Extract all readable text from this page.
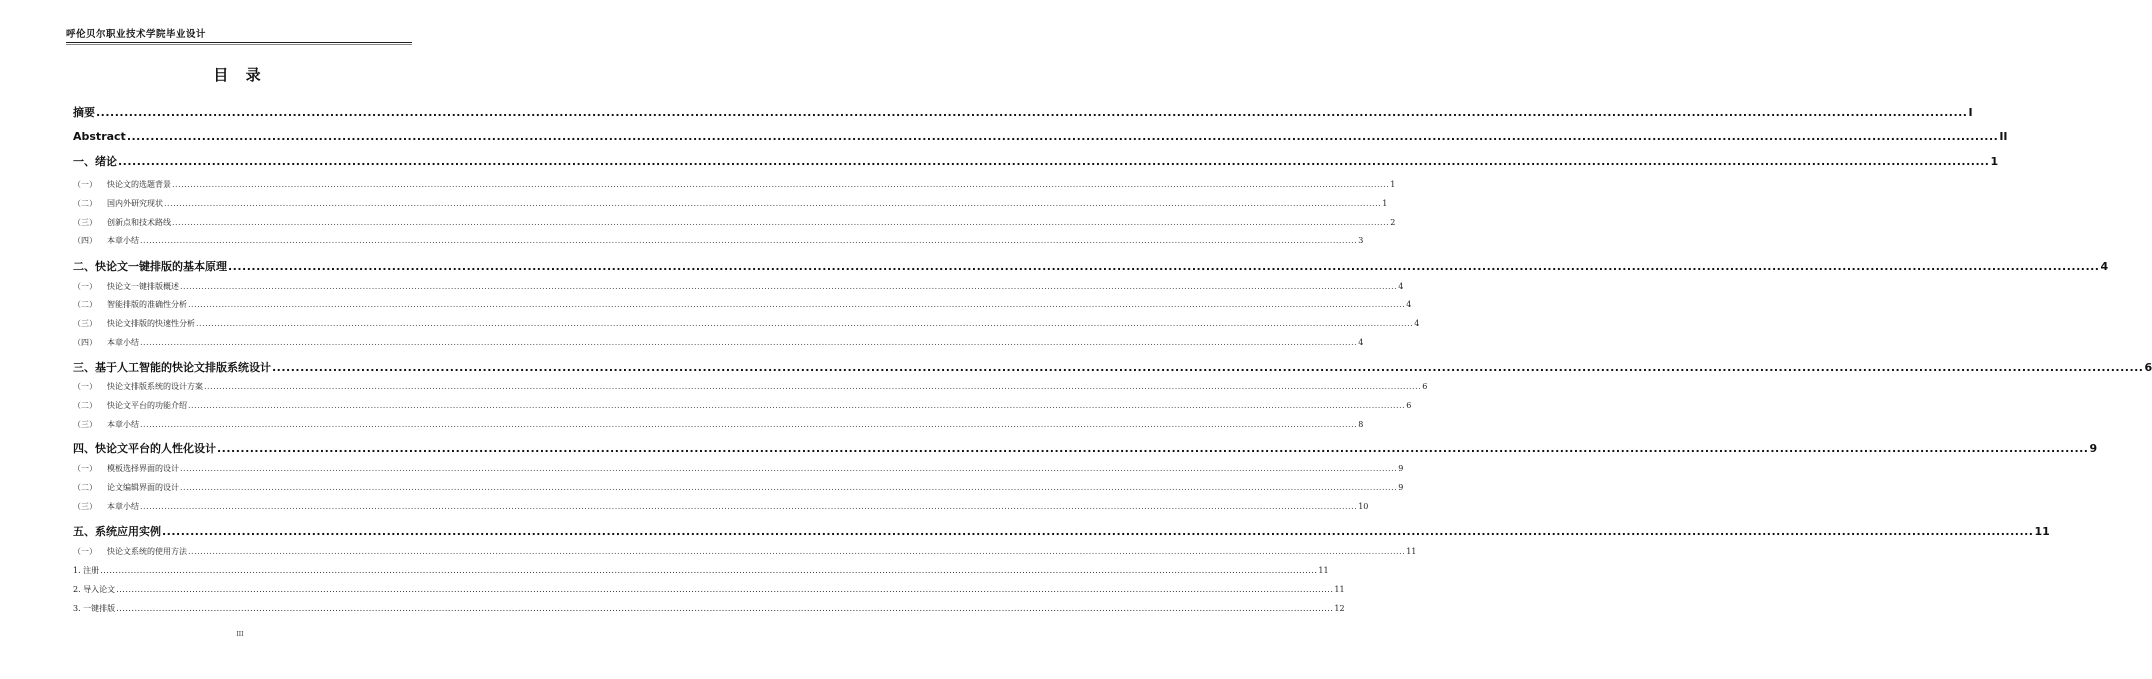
呼伦贝尔职业技术学院毕业设计
目 录
摘要 ................................................................................................................................................................................................................................................................................................................................................................................................................ I
Abstract ................................................................................................................................................................................................................................................................................................................................................................................................................ II
一、绪论 ................................................................................................................................................................................................................................................................................................................................................................................................................ 1
（一） 快论文的选题背景 ................................................................................................................................................................................................................................................................................................................................................................................................................ 1
（二） 国内外研究现状 ................................................................................................................................................................................................................................................................................................................................................................................................................ 1
（三） 创新点和技术路线 ................................................................................................................................................................................................................................................................................................................................................................................................................ 2
（四） 本章小结 ................................................................................................................................................................................................................................................................................................................................................................................................................ 3
二、快论文一键排版的基本原理 ................................................................................................................................................................................................................................................................................................................................................................................................................ 4
（一） 快论文一键排版概述 ................................................................................................................................................................................................................................................................................................................................................................................................................ 4
（二） 智能排版的准确性分析 ................................................................................................................................................................................................................................................................................................................................................................................................................ 4
（三） 快论文排版的快速性分析 ................................................................................................................................................................................................................................................................................................................................................................................................................ 4
（四） 本章小结 ................................................................................................................................................................................................................................................................................................................................................................................................................ 4
三、基于人工智能的快论文排版系统设计 ................................................................................................................................................................................................................................................................................................................................................................................................................ 6
（一） 快论文排版系统的设计方案 ................................................................................................................................................................................................................................................................................................................................................................................................................ 6
（二） 快论文平台的功能介绍 ................................................................................................................................................................................................................................................................................................................................................................................................................ 6
（三） 本章小结 ................................................................................................................................................................................................................................................................................................................................................................................................................ 8
四、快论文平台的人性化设计 ................................................................................................................................................................................................................................................................................................................................................................................................................ 9
（一） 模板选择界面的设计 ................................................................................................................................................................................................................................................................................................................................................................................................................ 9
（二） 论文编辑界面的设计 ................................................................................................................................................................................................................................................................................................................................................................................................................ 9
（三） 本章小结 ................................................................................................................................................................................................................................................................................................................................................................................................................ 10
五、系统应用实例 ................................................................................................................................................................................................................................................................................................................................................................................................................ 11
（一） 快论文系统的使用方法 ................................................................................................................................................................................................................................................................................................................................................................................................................ 11
1. 注册 ................................................................................................................................................................................................................................................................................................................................................................................................................ 11
2. 导入论文 ................................................................................................................................................................................................................................................................................................................................................................................................................ 11
3. 一键排版 ................................................................................................................................................................................................................................................................................................................................................................................................................ 12
III
